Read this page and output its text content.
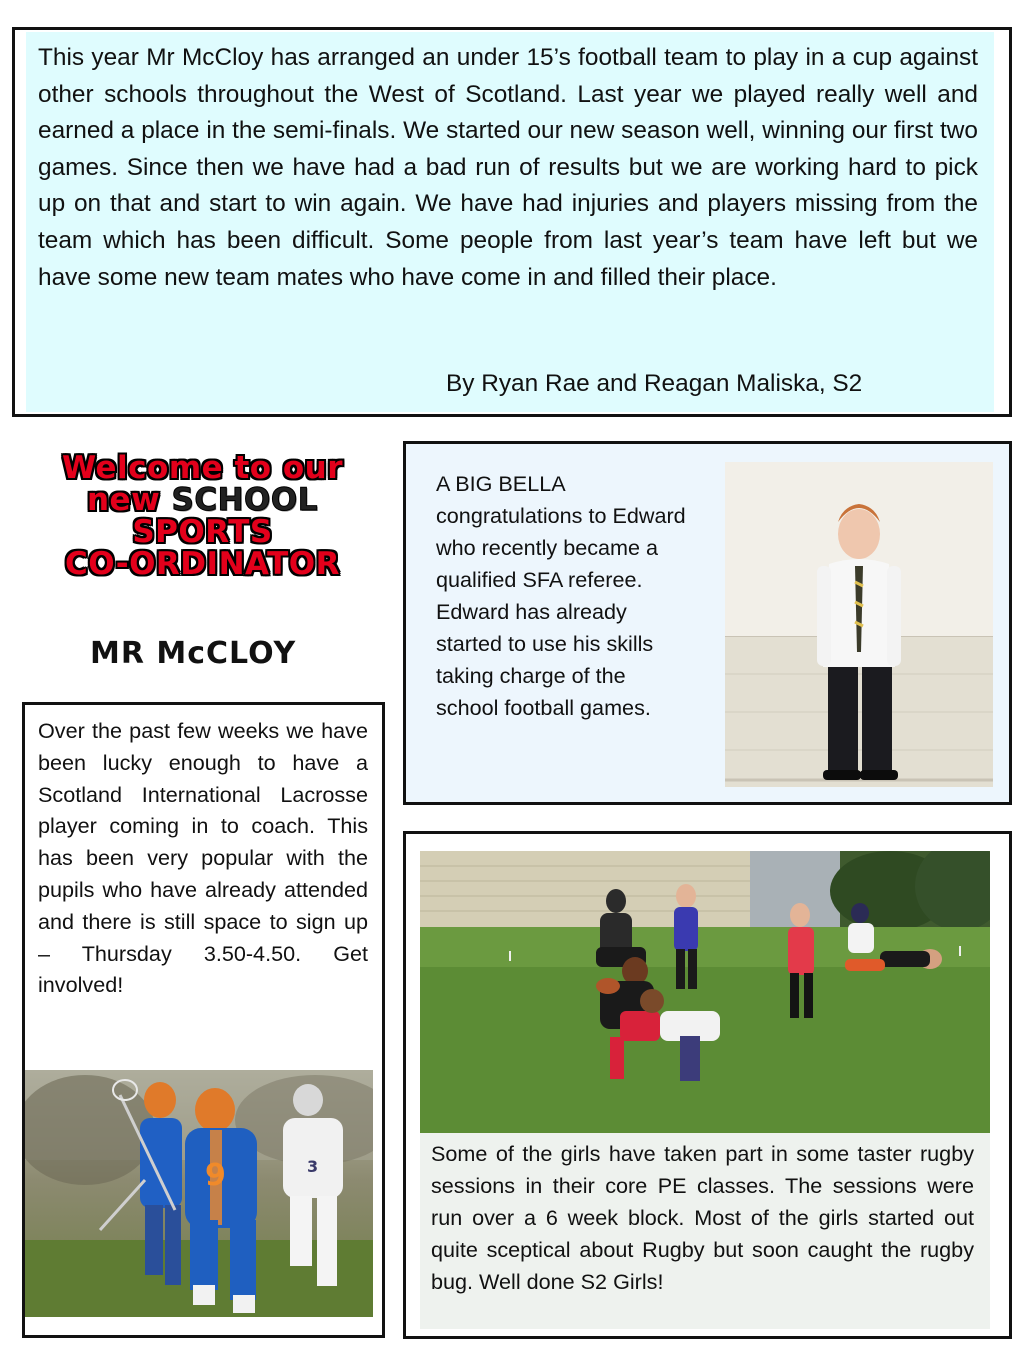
This year Mr McCloy has arranged an under 15’s football team to play in a cup against other schools throughout the West of Scotland. Last year we played really well and earned a place in the semi-finals. We started our new season well, winning our first two games. Since then we have had a bad run of results but we are working hard to pick up on that and start to win again. We have had injuries and players missing from the team which has been difficult. Some people from last year’s team have left but we have some new team mates who have come in and filled their place.

By Ryan Rae and Reagan Maliska, S2

Welcome to our
new SCHOOL
SPORTS
CO-ORDINATOR
MR McCLOY

Over the past few weeks we have been lucky enough to have a Scotland International Lacrosse player coming in to coach. This has been very popular with the pupils who have already attended and there is still space to sign up – Thursday 3.50-4.50. Get involved!

3
9

A BIG BELLA congratulations to Edward who recently became a qualified SFA referee. Edward has already started to use his skills taking charge of the school football games.

Some of the girls have taken part in some taster rugby sessions in their core PE classes. The sessions were run over a 6 week block. Most of the girls started out quite sceptical about Rugby but soon caught the rugby bug. Well done S2 Girls!
